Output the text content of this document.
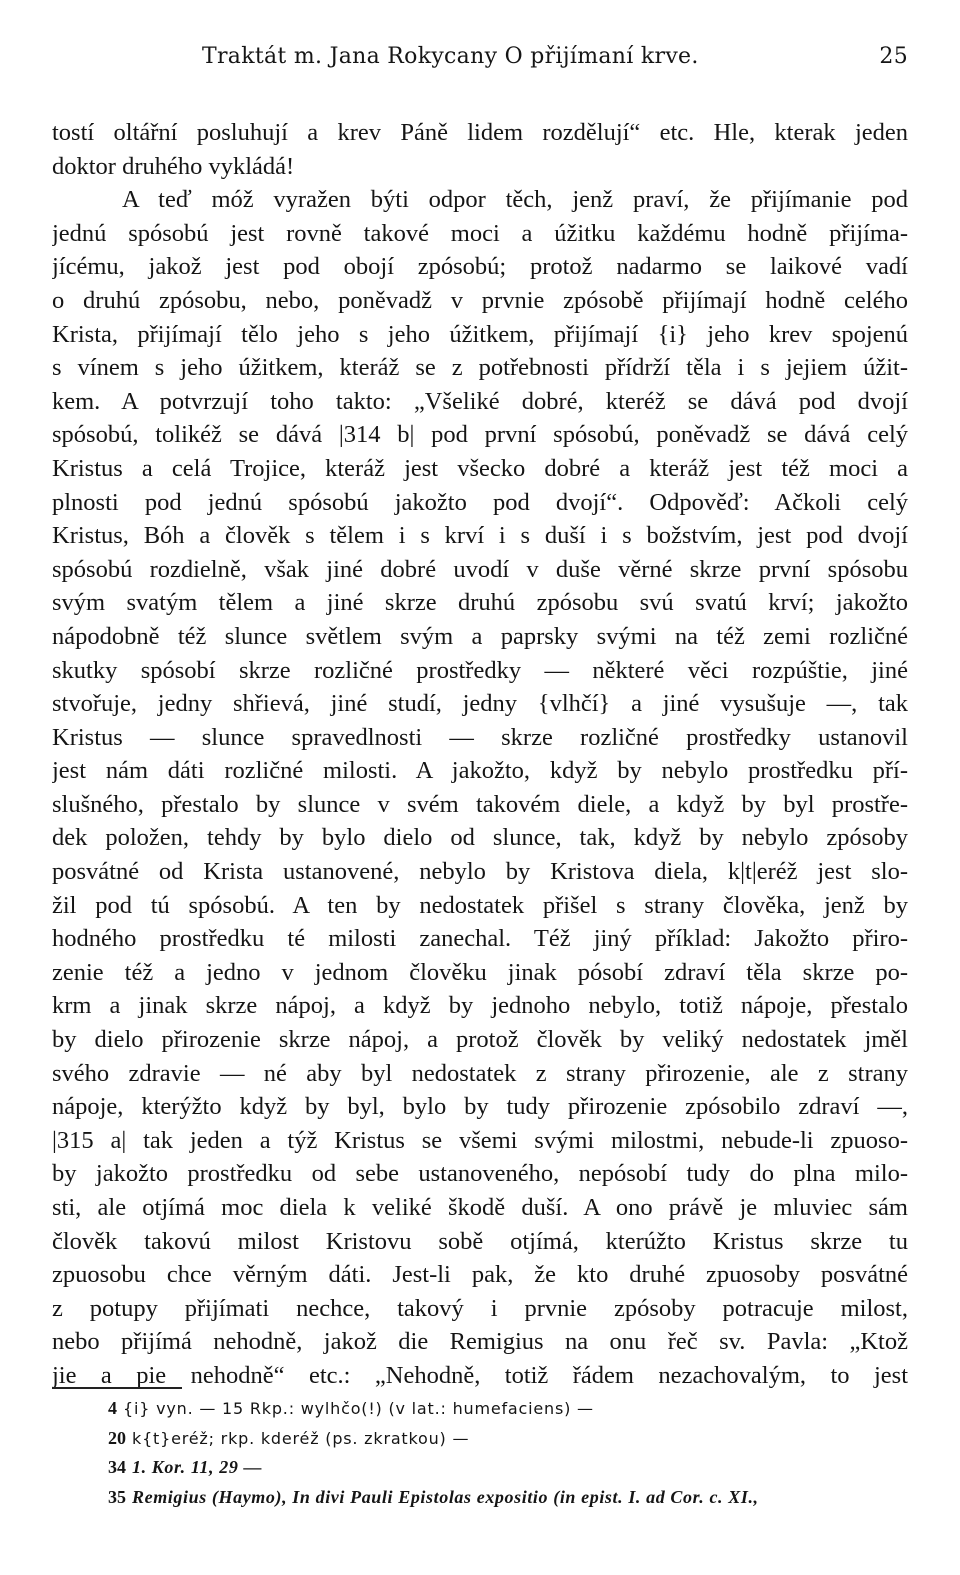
Traktát m. Jana Rokycany O přijímaní krve.	25
tostí oltářní posluhují a krev Páně lidem rozdělují“ etc. Hle, kterak jeden
doktor druhého vykládá!
A teď móž vyražen býti odpor těch, jenž praví, že přijímanie pod
jednú spósobú jest rovně takové moci a úžitku každému hodně přijíma-
jícému, jakož jest pod obojí zpósobú; protož nadarmo se laikové vadí
o druhú zpósobu, nebo, poněvadž v prvnie zpósobě přijímají hodně celého
Krista, přijímají tělo jeho s jeho úžitkem, přijímají {i} jeho krev spojenú
s vínem s jeho úžitkem, kteráž se z potřebnosti přídrží těla i s jejiem úžit-
kem. A potvrzují toho takto: „Všeliké dobré, kteréž se dává pod dvojí
spósobú, tolikéž se dává |314 b| pod první spósobú, poněvadž se dává celý
Kristus a celá Trojice, kteráž jest všecko dobré a kteráž jest též moci a
plnosti pod jednú spósobú jakožto pod dvojí“. Odpověď: Ačkoli celý
Kristus, Bóh a člověk s tělem i s krví i s duší i s božstvím, jest pod dvojí
spósobú rozdielně, však jiné dobré uvodí v duše věrné skrze první spósobu
svým svatým tělem a jiné skrze druhú zpósobu svú svatú krví; jakožto
nápodobně též slunce světlem svým a paprsky svými na též zemi rozličné
skutky spósobí skrze rozličné prostředky — některé věci rozpúštie, jiné
stvořuje, jedny shřievá, jiné studí, jedny {vlhčí} a jiné vysušuje —, tak
Kristus — slunce spravedlnosti — skrze rozličné prostředky ustanovil
jest nám dáti rozličné milosti. A jakožto, když by nebylo prostředku pří-
slušného, přestalo by slunce v svém takovém diele, a když by byl prostře-
dek položen, tehdy by bylo dielo od slunce, tak, když by nebylo zpósoby
posvátné od Krista ustanovené, nebylo by Kristova diela, k|t|eréž jest slo-
žil pod tú spósobú. A ten by nedostatek přišel s strany člověka, jenž by
hodného prostředku té milosti zanechal. Též jiný příklad: Jakožto přiro-
zenie též a jedno v jednom člověku jinak pósobí zdraví těla skrze po-
krm a jinak skrze nápoj, a když by jednoho nebylo, totiž nápoje, přestalo
by dielo přirozenie skrze nápoj, a protož člověk by veliký nedostatek jměl
svého zdravie — né aby byl nedostatek z strany přirozenie, ale z strany
nápoje, kterýžto když by byl, bylo by tudy přirozenie zpósobilo zdraví —,
|315 a| tak jeden a týž Kristus se všemi svými milostmi, nebude-li zpuoso-
by jakožto prostředku od sebe ustanoveného, nepósobí tudy do plna milo-
sti, ale otjímá moc diela k veliké škodě duší. A ono právě je mluviec sám
člověk takovú milost Kristovu sobě otjímá, kterúžto Kristus skrze tu
zpuosobu chce věrným dáti. Jest-li pak, že kto druhé zpuosoby posvátné
z potupy přijímati nechce, takový i prvnie zpósoby potracuje milost,
nebo přijímá nehodně, jakož die Remigius na onu řeč sv. Pavla: „Ktož
jie a pie nehodně“ etc.: „Nehodně, totiž řádem nezachovalým, to jest
4 {i} vyn. — 15 Rkp.: wylhčo(!) (v lat.: humefaciens) —
20 k{t}eréž; rkp. kderéž (ps. zkratkou) —
34 1. Kor. 11, 29 —
35 Remigius (Haymo), In divi Pauli Epistolas expositio (in epist. I. ad Cor. c. XI.,
